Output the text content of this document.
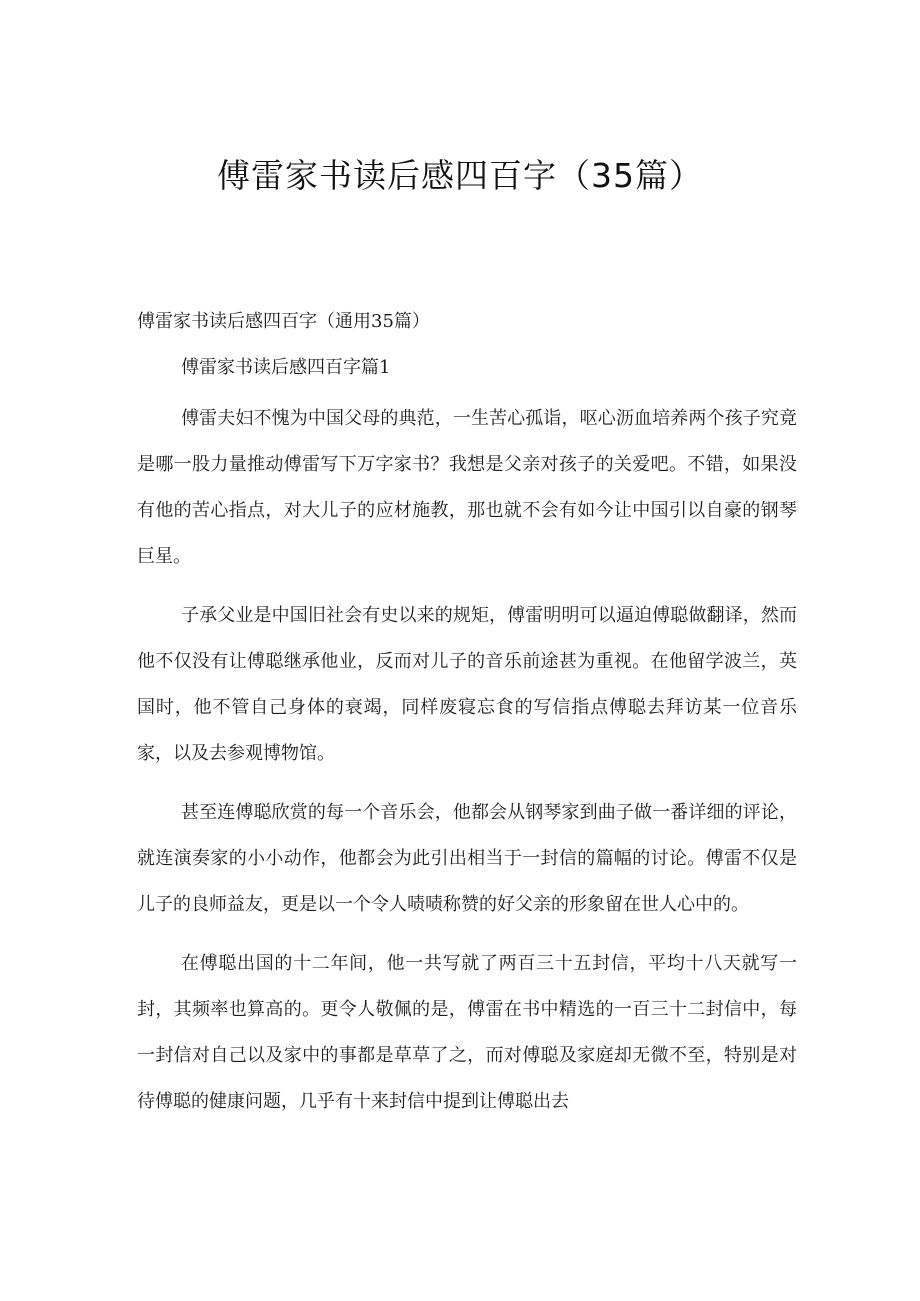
傅雷家书读后感四百字（35篇）

傅雷家书读后感四百字（通用35篇）

傅雷家书读后感四百字篇1

傅雷夫妇不愧为中国父母的典范，一生苦心孤诣，呕心沥血培养两个孩子究竟是哪一股力量推动傅雷写下万字家书？我想是父亲对孩子的关爱吧。不错，如果没有他的苦心指点，对大儿子的应材施教，那也就不会有如今让中国引以自豪的钢琴巨星。

子承父业是中国旧社会有史以来的规矩，傅雷明明可以逼迫傅聪做翻译，然而他不仅没有让傅聪继承他业，反而对儿子的音乐前途甚为重视。在他留学波兰，英国时，他不管自己身体的衰竭，同样废寝忘食的写信指点傅聪去拜访某一位音乐家，以及去参观博物馆。

甚至连傅聪欣赏的每一个音乐会，他都会从钢琴家到曲子做一番详细的评论，就连演奏家的小小动作，他都会为此引出相当于一封信的篇幅的讨论。傅雷不仅是儿子的良师益友，更是以一个令人啧啧称赞的好父亲的形象留在世人心中的。

在傅聪出国的十二年间，他一共写就了两百三十五封信，平均十八天就写一封，其频率也算高的。更令人敬佩的是，傅雷在书中精选的一百三十二封信中，每一封信对自己以及家中的事都是草草了之，而对傅聪及家庭却无微不至，特别是对待傅聪的健康问题，几乎有十来封信中提到让傅聪出去
